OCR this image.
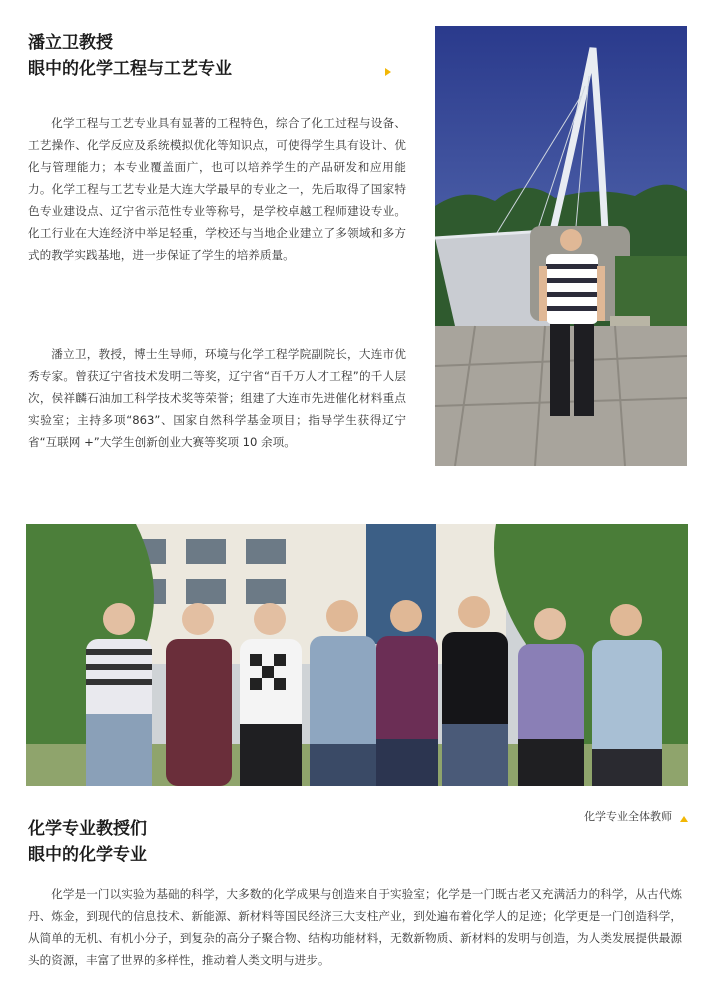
潘立卫教授
眼中的化学工程与工艺专业

化学工程与工艺专业具有显著的工程特色，综合了化工过程与设备、工艺操作、化学反应及系统模拟优化等知识点，可使得学生具有设计、优化与管理能力；本专业覆盖面广，也可以培养学生的产品研发和应用能力。化学工程与工艺专业是大连大学最早的专业之一，先后取得了国家特色专业建设点、辽宁省示范性专业等称号，是学校卓越工程师建设专业。化工行业在大连经济中举足轻重，学校还与当地企业建立了多领域和多方式的教学实践基地，进一步保证了学生的培养质量。

潘立卫，教授，博士生导师，环境与化学工程学院副院长，大连市优秀专家。曾获辽宁省技术发明二等奖，辽宁省“百千万人才工程”的千人层次，侯祥麟石油加工科学技术奖等荣誉；组建了大连市先进催化材料重点实验室；主持多项“863”、国家自然科学基金项目；指导学生获得辽宁省“互联网 +”大学生创新创业大赛等奖项 10 余项。

化学专业全体教师

化学专业教授们
眼中的化学专业

化学是一门以实验为基础的科学，大多数的化学成果与创造来自于实验室；化学是一门既古老又充满活力的科学，从古代炼丹、炼金，到现代的信息技术、新能源、新材料等国民经济三大支柱产业，到处遍布着化学人的足迹；化学更是一门创造科学，从简单的无机、有机小分子，到复杂的高分子聚合物、结构功能材料，无数新物质、新材料的发明与创造，为人类发展提供最源头的资源，丰富了世界的多样性，推动着人类文明与进步。
